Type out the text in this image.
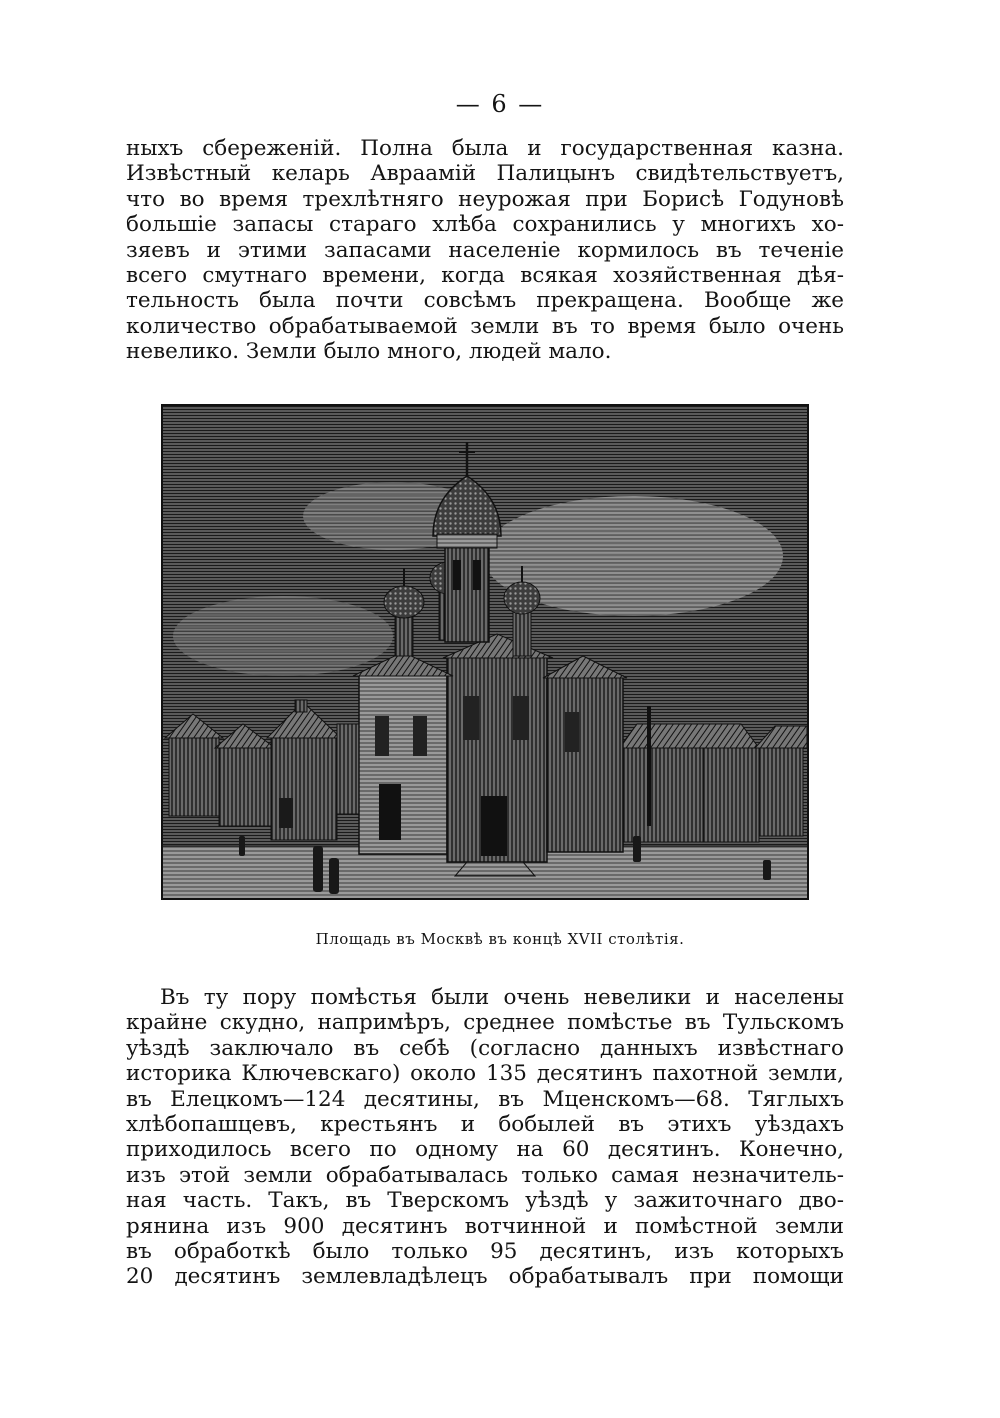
— 6 —
ныхъ сбереженій. Полна была и государственная казна.
Извѣстный келарь Авраамій Палицынъ свидѣтельствуетъ,
что во время трехлѣтняго неурожая при Борисѣ Годуновѣ
большіе запасы стараго хлѣба сохранились у многихъ хо-
зяевъ и этими запасами населеніе кормилось въ теченіе
всего смутнаго времени, когда всякая хозяйственная дѣя-
тельность была почти совсѣмъ прекращена. Вообще же
количество обрабатываемой земли въ то время было очень
невелико. Земли было много, людей мало.
Площадь въ Москвѣ въ концѣ XVII столѣтія.
Въ ту пору помѣстья были очень невелики и населены
крайне скудно, напримѣръ, среднее помѣстье въ Тульскомъ
уѣздѣ заключало въ себѣ (согласно данныхъ извѣстнаго
историка Ключевскаго) около 135 десятинъ пахотной земли,
въ Елецкомъ—124 десятины, въ Мценскомъ—68. Тяглыхъ
хлѣбопашцевъ, крестьянъ и бобылей въ этихъ уѣздахъ
приходилось всего по одному на 60 десятинъ. Конечно,
изъ этой земли обрабатывалась только самая незначитель-
ная часть. Такъ, въ Тверскомъ уѣздѣ у зажиточнаго дво-
рянина изъ 900 десятинъ вотчинной и помѣстной земли
въ обработкѣ было только 95 десятинъ, изъ которыхъ
20 десятинъ землевладѣлецъ обрабатывалъ при помощи
